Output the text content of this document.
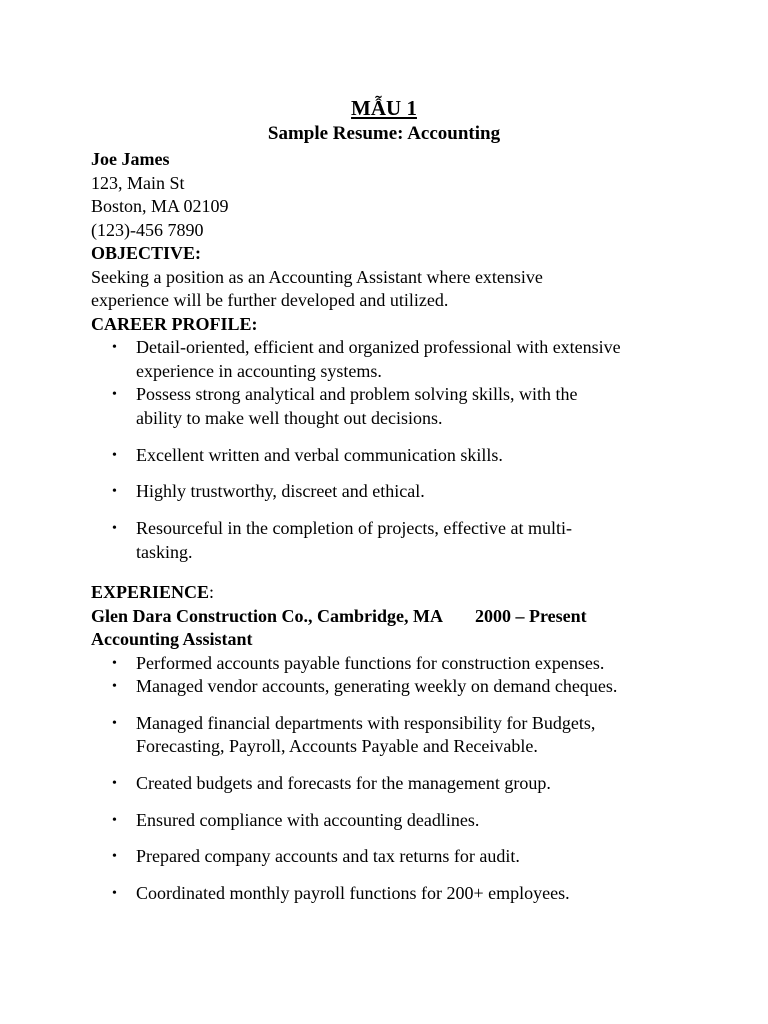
MẪU 1
Sample Resume: Accounting

Joe James

123, Main St

Boston, MA 02109

(123)-456 7890

OBJECTIVE:

Seeking a position as an Accounting Assistant where extensive

experience will be further developed and utilized.

CAREER PROFILE:

• Detail-oriented, efficient and organized professional with extensive
experience in accounting systems.
• Possess strong analytical and problem solving skills, with the
ability to make well thought out decisions.
• Excellent written and verbal communication skills.
• Highly trustworthy, discreet and ethical.
• Resourceful in the completion of projects, effective at multi-
tasking.

EXPERIENCE:

Glen Dara Construction Co., Cambridge, MA 2000 – Present

Accounting Assistant

• Performed accounts payable functions for construction expenses.
• Managed vendor accounts, generating weekly on demand cheques.
• Managed financial departments with responsibility for Budgets,
Forecasting, Payroll, Accounts Payable and Receivable.
• Created budgets and forecasts for the management group.
• Ensured compliance with accounting deadlines.
• Prepared company accounts and tax returns for audit.
• Coordinated monthly payroll functions for 200+ employees.
